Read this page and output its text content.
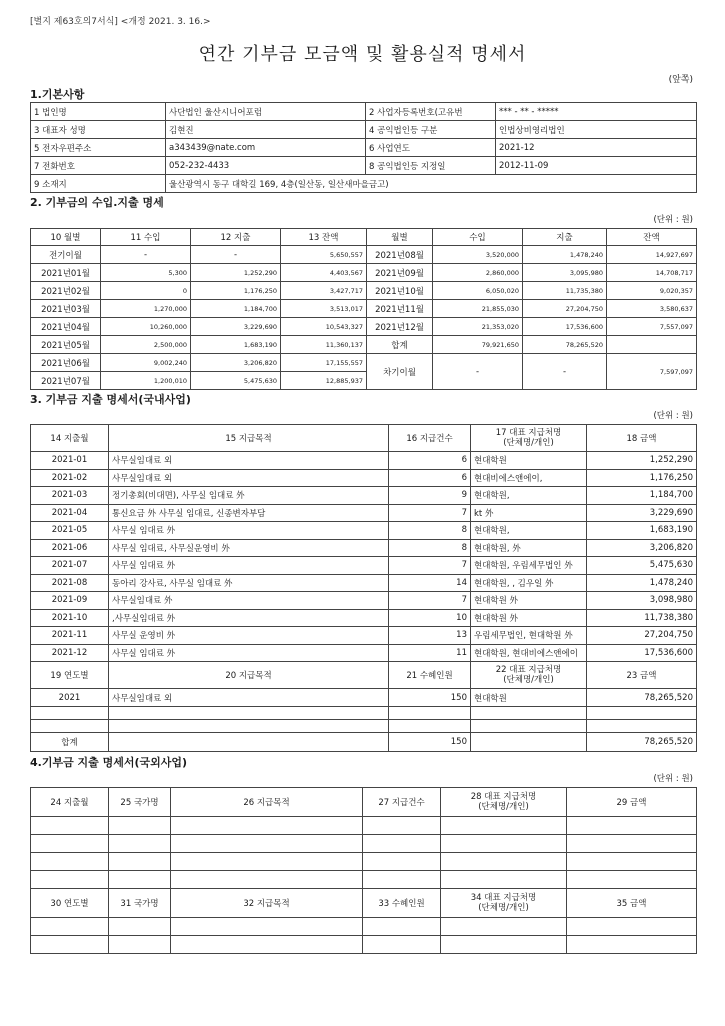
[별지 제63호의7서식] <개정 2021. 3. 16.>
연간 기부금 모금액 및 활용실적 명세서
(앞쪽)
1.기본사항
1 법인명	사단법인 울산시니어포럼	2 사업자등록번호(고유번	*** - ** - *****
3 대표자 성명	김현진	4 공익법인등 구분	인법상비영리법인
5 전자우편주소	a343439@nate.com	6 사업연도	2021-12
7 전화번호	052-232-4433	8 공익법인등 지정일	2012-11-09
9 소재지	울산광역시 동구 대학길 169, 4층(일산동, 일산새마을금고)		
2. 기부금의 수입.지출 명세
(단위 : 원)
10 월별	11 수입	12 지출	13 잔액	월별	수입	지출	잔액
전기이월	-	-	5,650,557	2021년08월	3,520,000	1,478,240	14,927,697
2021년01월	5,300	1,252,290	4,403,567	2021년09월	2,860,000	3,095,980	14,708,717
2021년02월	0	1,176,250	3,427,717	2021년10월	6,050,020	11,735,380	9,020,357
2021년03월	1,270,000	1,184,700	3,513,017	2021년11월	21,855,030	27,204,750	3,580,637
2021년04월	10,260,000	3,229,690	10,543,327	2021년12월	21,353,020	17,536,600	7,557,097
2021년05월	2,500,000	1,683,190	11,360,137	합계	79,921,650	78,265,520	
2021년06월	9,002,240	3,206,820	17,155,557	차기이월	-	-	7,597,097
2021년07월	1,200,010	5,475,630	12,885,937				
3. 기부금 지출 명세서(국내사업)
(단위 : 원)
14 지출월	15 지급목적	16 지급건수	17 대표 지급처명
(단체명/개인)	18 금액
2021-01	사무실임대료 외	6	현대학원	1,252,290
2021-02	사무실임대료 외	6	현대비에스앤에이,	1,176,250
2021-03	정기총회(비대면), 사무실 임대료 外	9	현대학원,	1,184,700
2021-04	통신요금 外 사무실 임대료, 신종변자부담	7	kt 外	3,229,690
2021-05	사무실 임대료 外	8	현대학원,	1,683,190
2021-06	사무실 임대료, 사무실운영비 外	8	현대학원, 外	3,206,820
2021-07	사무실 임대료 外	7	현대학원, 우림세무법인 外	5,475,630
2021-08	동아리 강사료, 사무실 임대료 外	14	현대학원, , 김우일 外	1,478,240
2021-09	사무실임대료 外	7	현대학원 外	3,098,980
2021-10	,사무실임대료 外	10	현대학원 外	11,738,380
2021-11	사무실 운영비 外	13	우림세무법인, 현대학원 外	27,204,750
2021-12	사무실 임대료 外	11	현대학원, 현대비에스앤에이	17,536,600
19 연도별	20 지급목적	21 수혜인원	22 대표 지급처명
(단체명/개인)	23 금액
2021	사무실임대료 외	150	현대학원	78,265,520

합계		150		78,265,520
4.기부금 지출 명세서(국외사업)
(단위 : 원)
24 지출월	25 국가명	26 지급목적	27 지급건수	28 대표 지급처명
(단체명/개인)	29 금액

30 연도별	31 국가명	32 지급목적	33 수혜인원	34 대표 지급처명
(단체명/개인)	35 금액
